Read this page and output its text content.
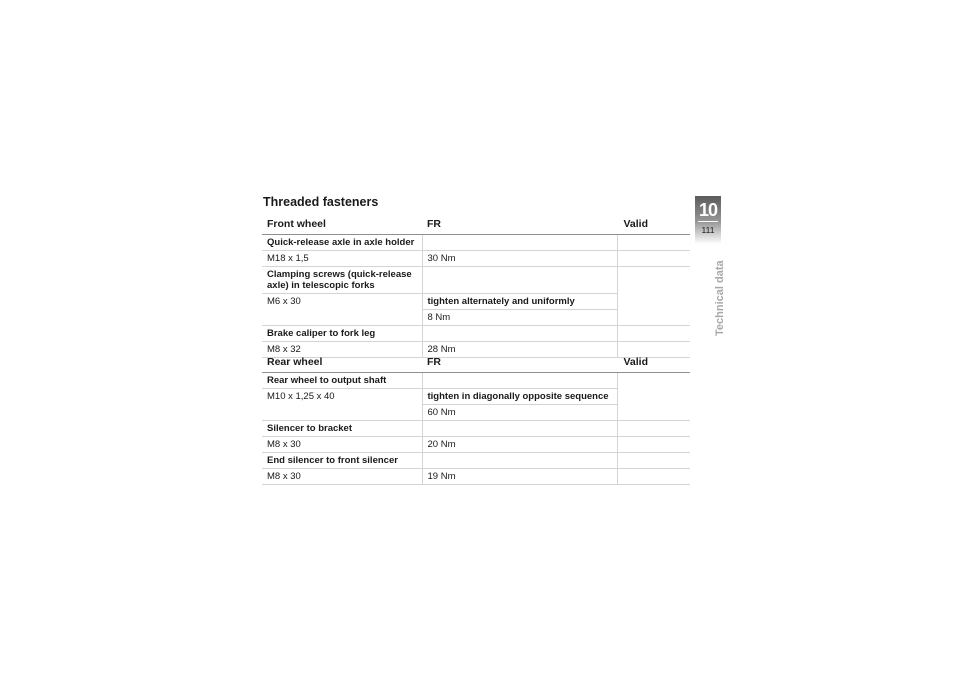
Threaded fasteners
Front wheel	FR	Valid
Quick-release axle in axle holder		
M18 x 1,5	30 Nm	
Clamping screws (quick-release axle) in telescopic forks		
M6 x 30	tighten alternately and uniformly	
	8 Nm	
Brake caliper to fork leg		
M8 x 32	28 Nm	
Rear wheel	FR	Valid
Rear wheel to output shaft		
M10 x 1,25 x 40	tighten in diagonally opposite sequence	
	60 Nm	
Silencer to bracket		
M8 x 30	20 Nm	
End silencer to front silencer		
M8 x 30	19 Nm	
10
111
Technical data
